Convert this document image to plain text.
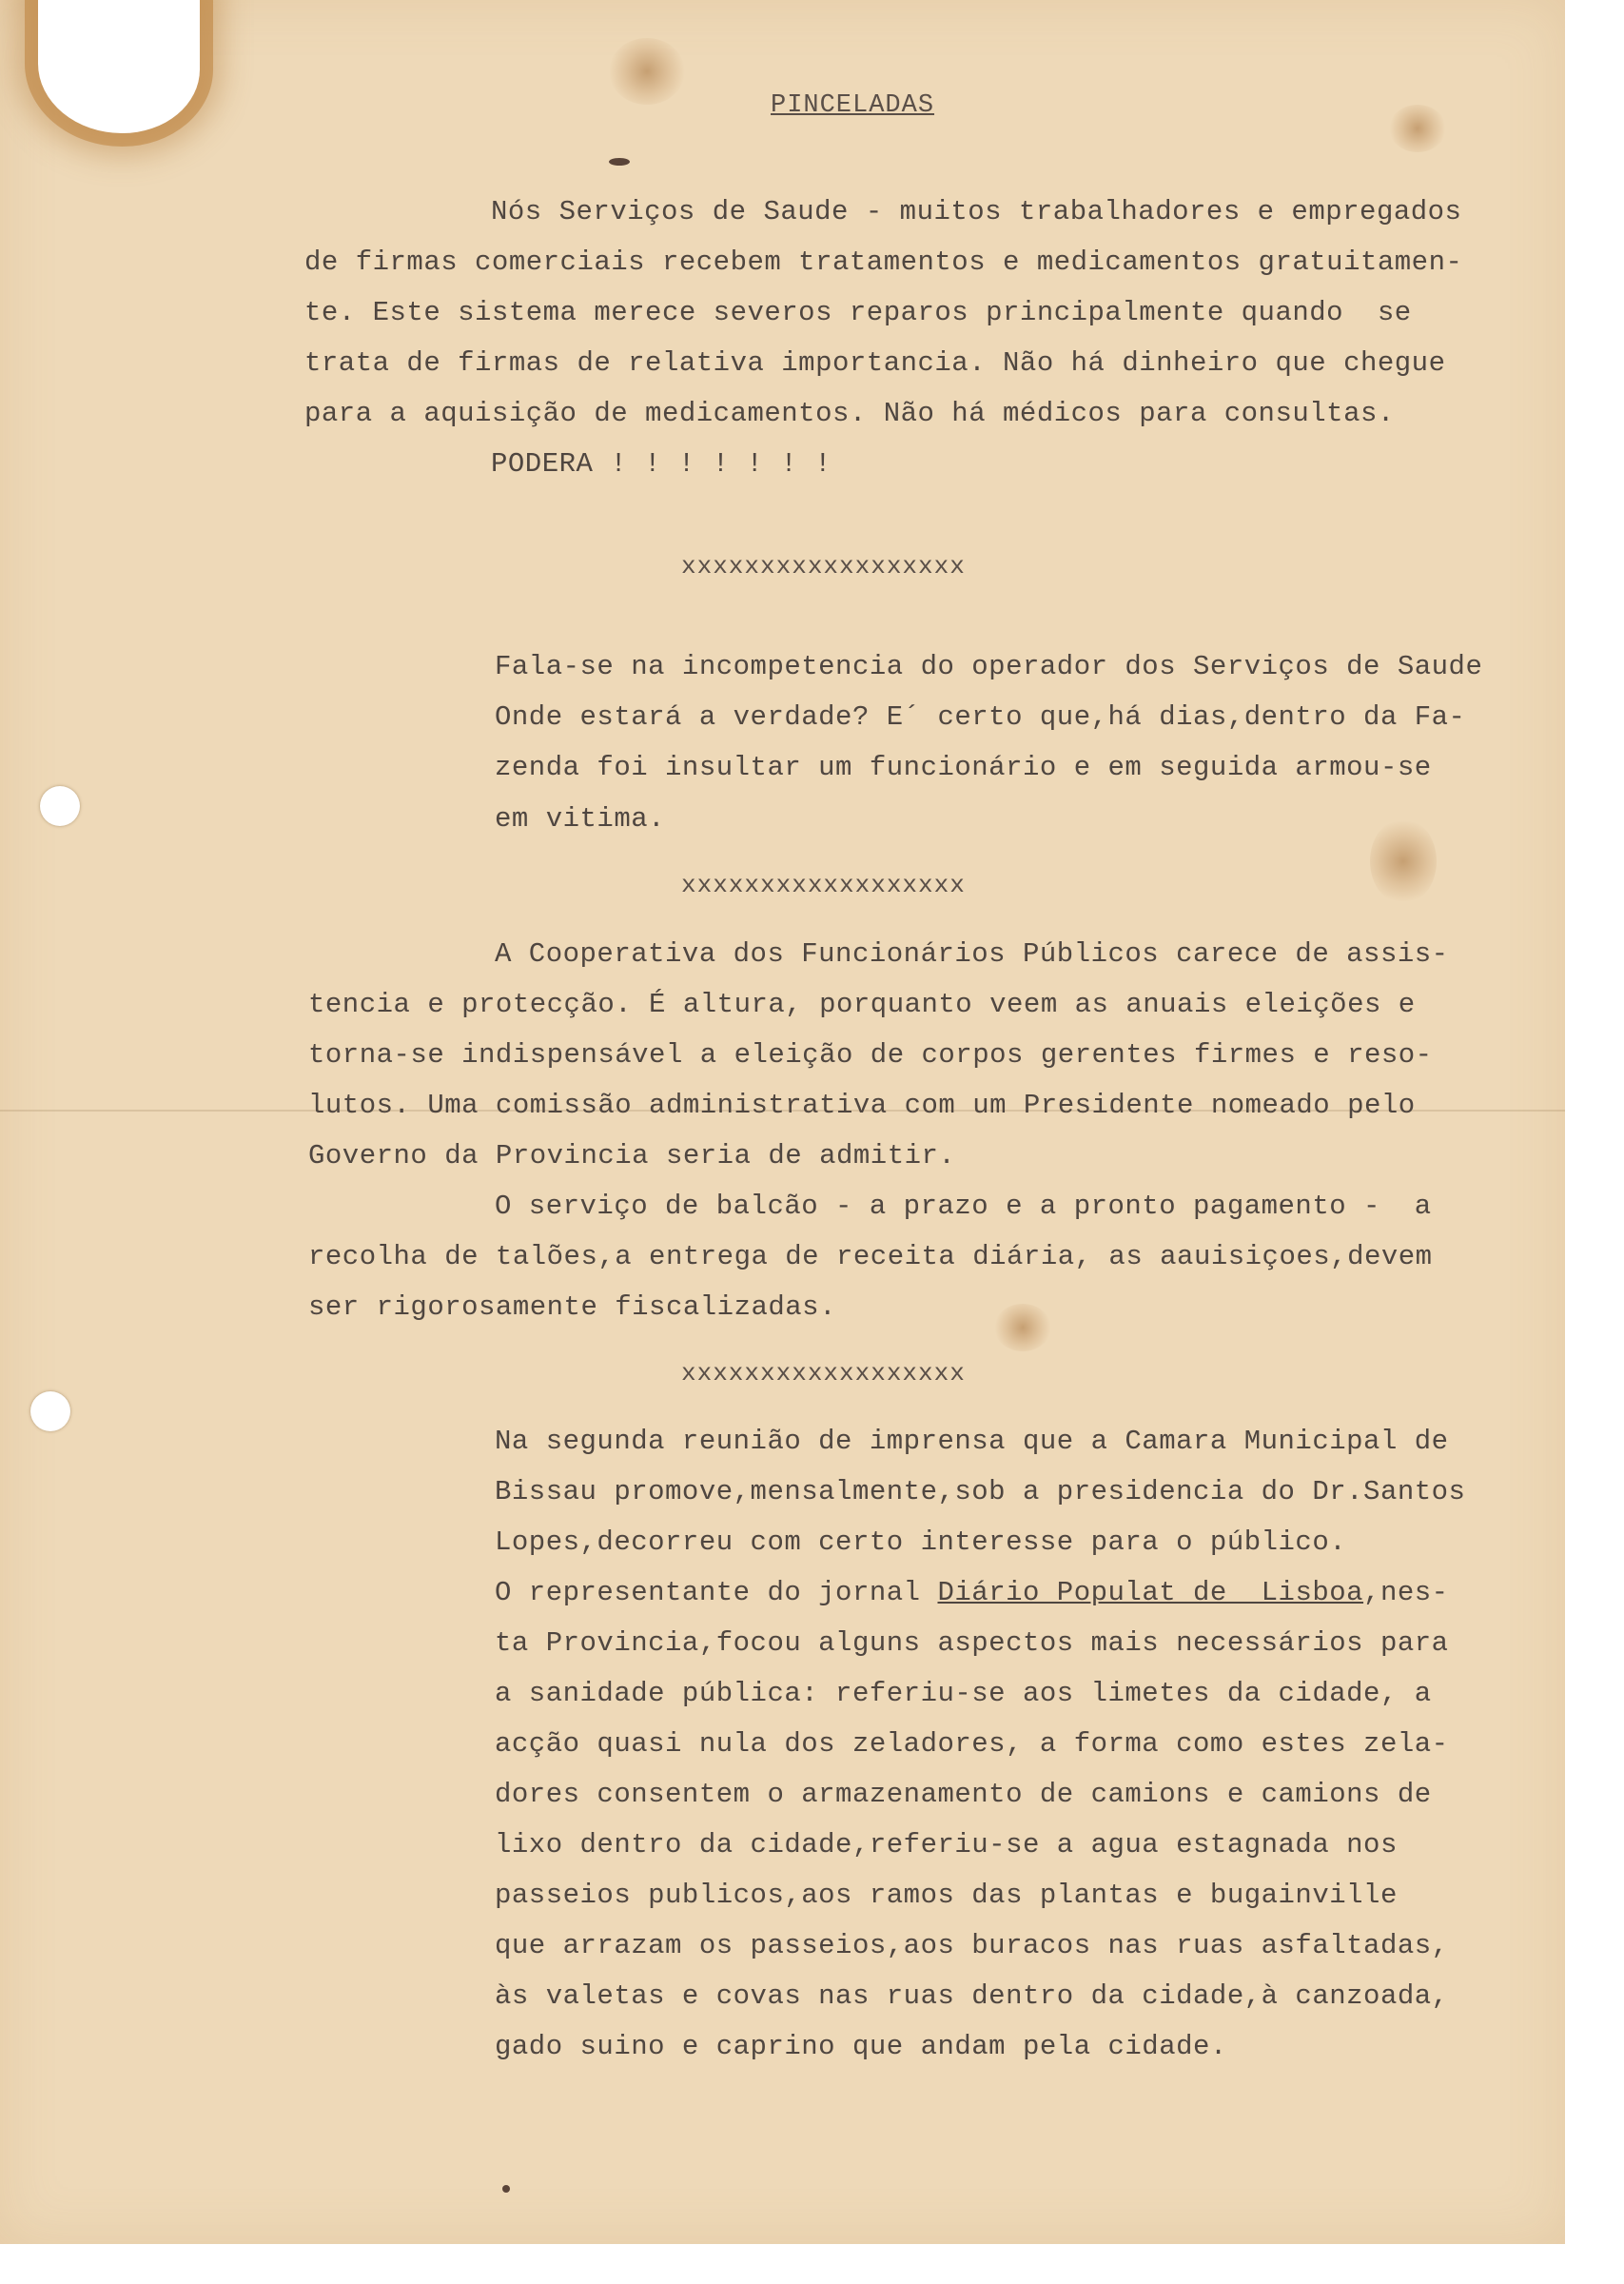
PINCELADAS
Nós Serviços de Saude - muitos trabalhadores e empregados
de firmas comerciais recebem tratamentos e medicamentos gratuitamen-
te. Este sistema merece severos reparos principalmente quando  se
trata de firmas de relativa importancia. Não há dinheiro que chegue
para a aquisição de medicamentos. Não há médicos para consultas.
PODERA ! ! ! ! ! ! !
xxxxxxxxxxxxxxxxxx
Fala-se na incompetencia do operador dos Serviços de Saude
Onde estará a verdade? E´ certo que,há dias,dentro da Fa-
zenda foi insultar um funcionário e em seguida armou-se
em vitima.
xxxxxxxxxxxxxxxxxx
A Cooperativa dos Funcionários Públicos carece de assis-
tencia e protecção. É altura, porquanto veem as anuais eleições e
torna-se indispensável a eleição de corpos gerentes firmes e reso-
lutos. Uma comissão administrativa com um Presidente nomeado pelo
Governo da Provincia seria de admitir.
O serviço de balcão - a prazo e a pronto pagamento -  a
recolha de talões,a entrega de receita diária, as aauisiçoes,devem
ser rigorosamente fiscalizadas.
xxxxxxxxxxxxxxxxxx
Na segunda reunião de imprensa que a Camara Municipal de
Bissau promove,mensalmente,sob a presidencia do Dr.Santos
Lopes,decorreu com certo interesse para o público.
O representante do jornal Diário Populat de  Lisboa,nes-
ta Provincia,focou alguns aspectos mais necessários para
a sanidade pública: referiu-se aos limetes da cidade, a
acção quasi nula dos zeladores, a forma como estes zela-
dores consentem o armazenamento de camions e camions de
lixo dentro da cidade,referiu-se a agua estagnada nos
passeios publicos,aos ramos das plantas e bugainville
que arrazam os passeios,aos buracos nas ruas asfaltadas,
às valetas e covas nas ruas dentro da cidade,à canzoada,
gado suino e caprino que andam pela cidade.
